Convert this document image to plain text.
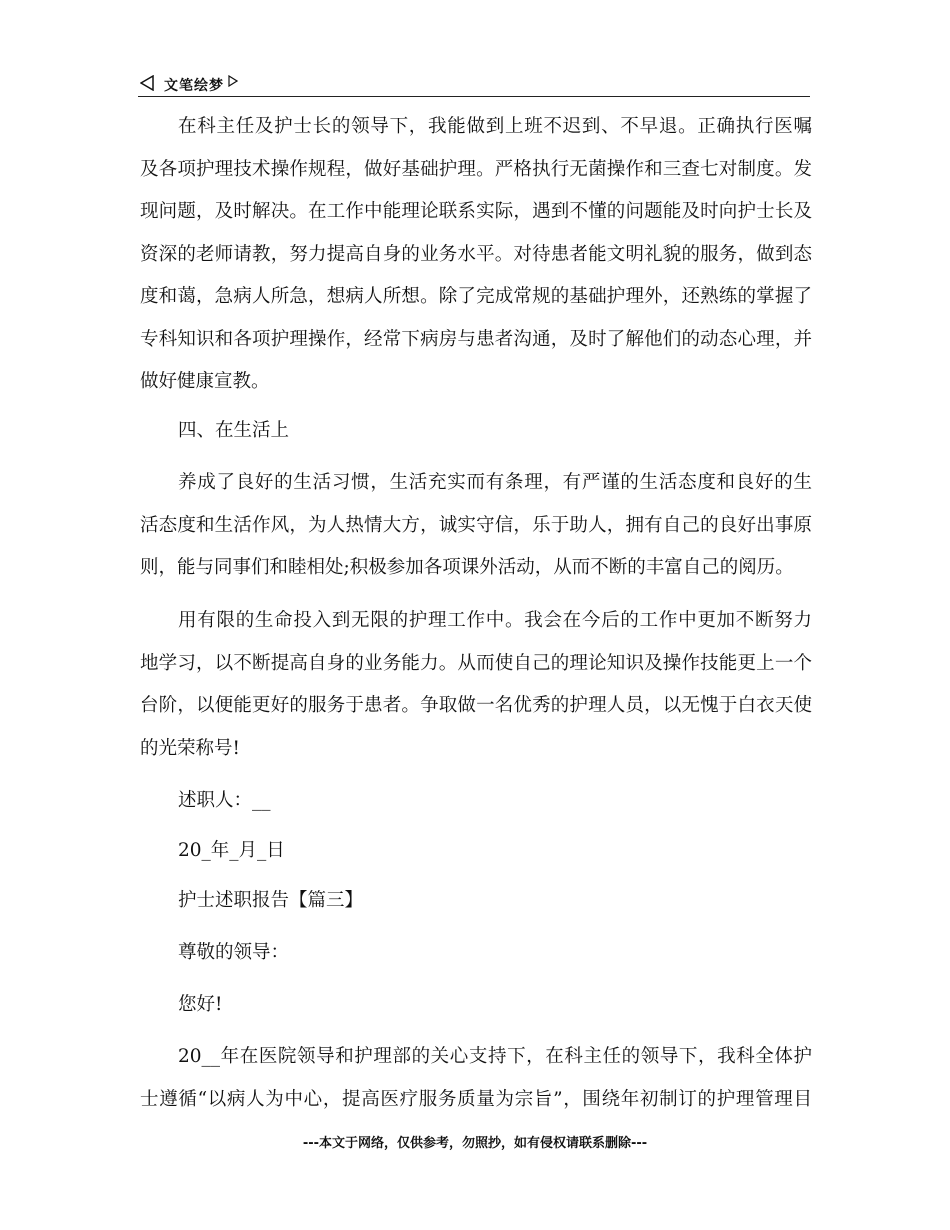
文笔绘梦
在科主任及护士长的领导下，我能做到上班不迟到、不早退。正确执行医嘱
及各项护理技术操作规程，做好基础护理。严格执行无菌操作和三查七对制度。发
现问题，及时解决。在工作中能理论联系实际，遇到不懂的问题能及时向护士长及
资深的老师请教，努力提高自身的业务水平。对待患者能文明礼貌的服务，做到态
度和蔼，急病人所急，想病人所想。除了完成常规的基础护理外，还熟练的掌握了
专科知识和各项护理操作，经常下病房与患者沟通，及时了解他们的动态心理，并
做好健康宣教。
四、在生活上
养成了良好的生活习惯，生活充实而有条理，有严谨的生活态度和良好的生
活态度和生活作风，为人热情大方，诚实守信，乐于助人，拥有自己的良好出事原
则，能与同事们和睦相处;积极参加各项课外活动，从而不断的丰富自己的阅历。
用有限的生命投入到无限的护理工作中。我会在今后的工作中更加不断努力
地学习，以不断提高自身的业务能力。从而使自己的理论知识及操作技能更上一个
台阶，以便能更好的服务于患者。争取做一名优秀的护理人员，以无愧于白衣天使
的光荣称号!
述职人：__
20_年_月_日
护士述职报告【篇三】
尊敬的领导：
您好!
20__年在医院领导和护理部的关心支持下，在科主任的领导下，我科全体护
士遵循“以病人为中心，提高医疗服务质量为宗旨”，围绕年初制订的护理管理目
---本文于网络，仅供参考，勿照抄，如有侵权请联系删除---
